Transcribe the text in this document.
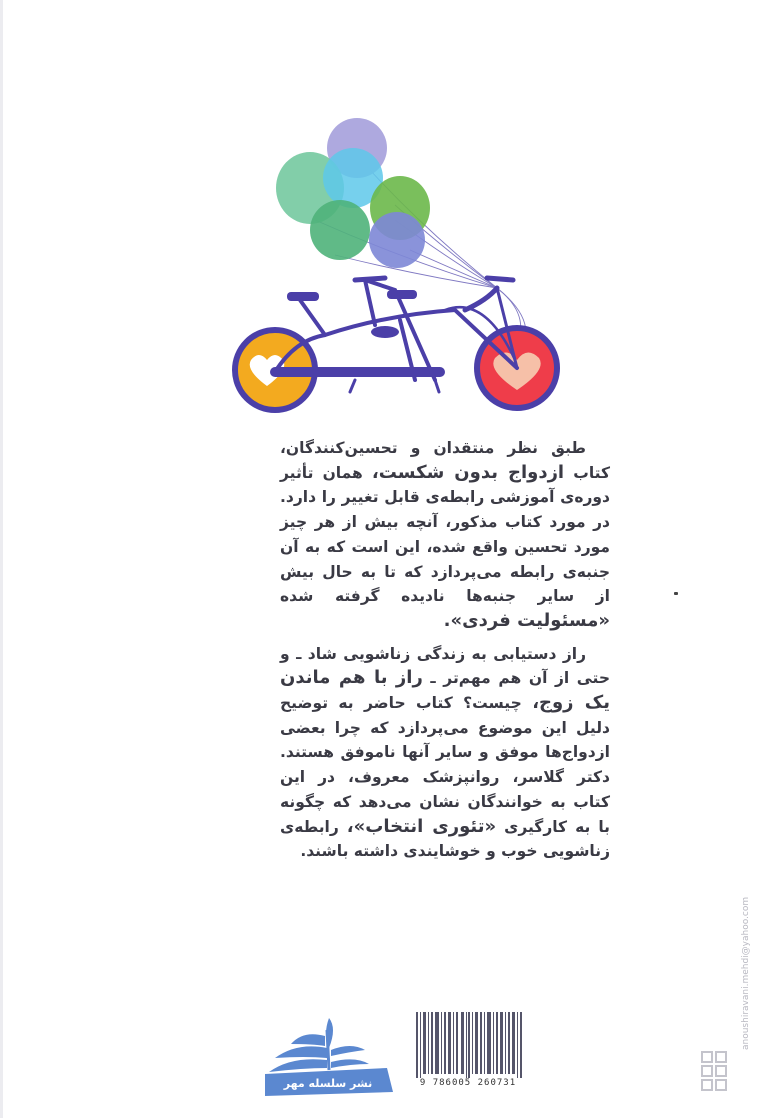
طبق نظر منتقدان و تحسین‌کنندگان، کتاب ازدواج بدون شکست، همان تأثیر دوره‌ی آموزشی رابطه‌ی قابل تغییر را دارد. در مورد کتاب مذکور، آنچه بیش از هر چیز مورد تحسین واقع شده، این است که به آن جنبه‌ی رابطه می‌پردازد که تا به حال بیش از سایر جنبه‌ها نادیده گرفته شده «مسئولیت فردی».

راز دستیابی به زندگی زناشویی شاد ـ و حتی از آن هم مهم‌تر ـ راز با هم ماندن یک زوج، چیست؟ کتاب حاضر به توضیح دلیل این موضوع می‌پردازد که چرا بعضی ازدواج‌ها موفق و سایر آنها ناموفق هستند. دکتر گلاسر، روانپزشک معروف، در این کتاب به خوانندگان نشان می‌دهد که چگونه با به کارگیری «تئوری انتخاب»، رابطه‌ی زناشویی خوب و خوشایندی داشته باشند.

نشر سلسله مهر	9 786005 260731
anoushiravani.mehdi@yahoo.com
